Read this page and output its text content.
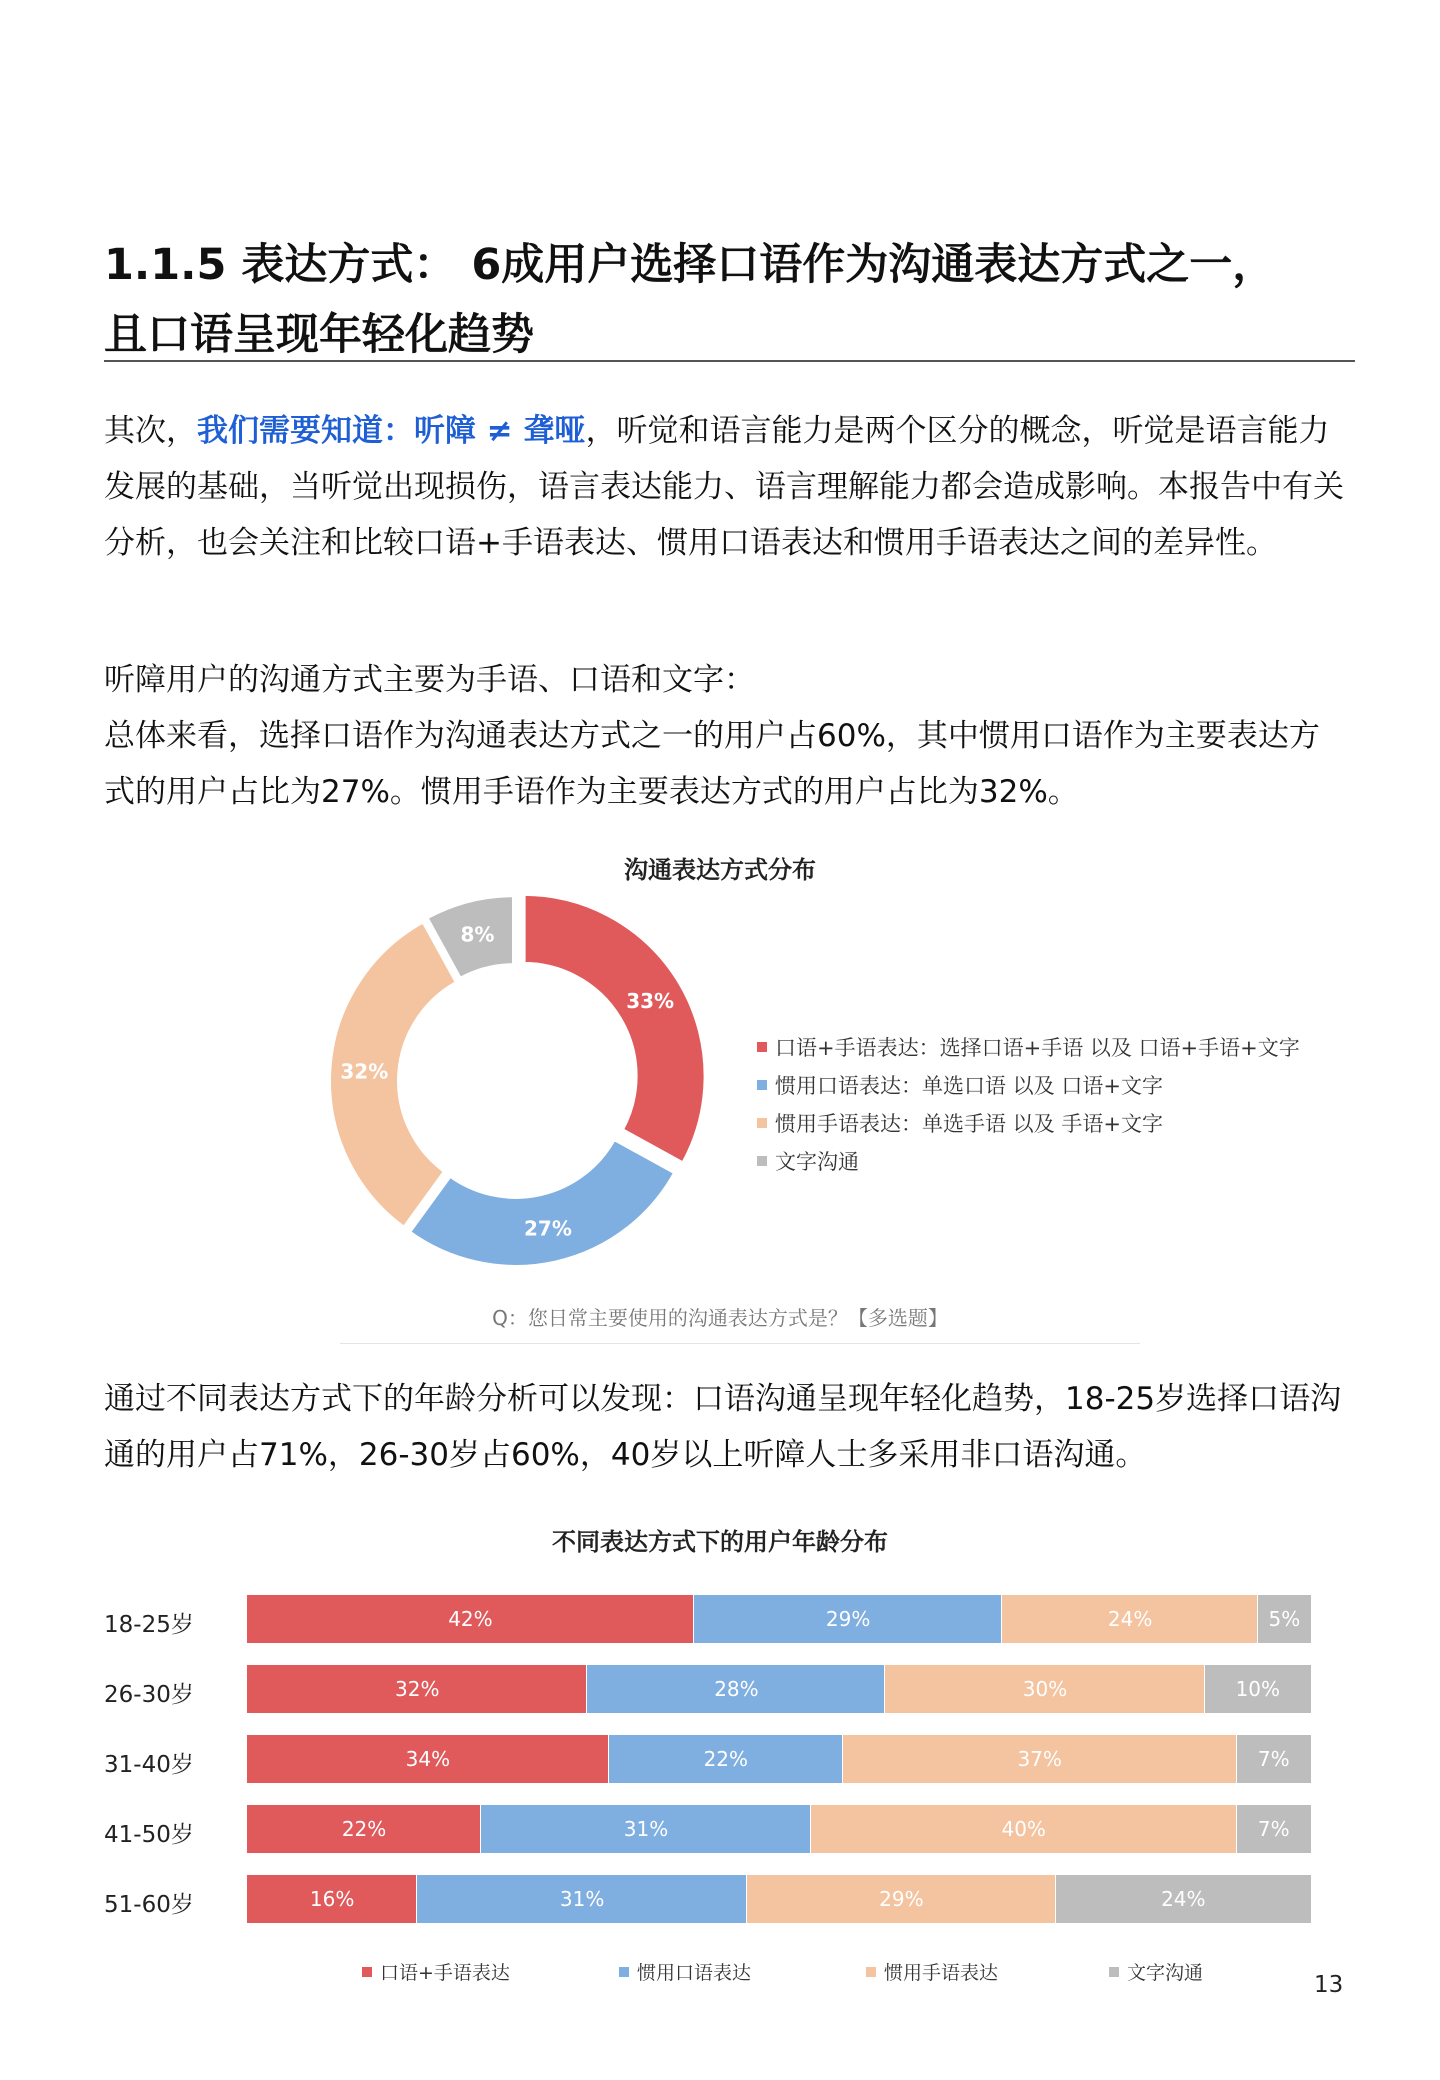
1.1.5 表达方式： 6成用户选择口语作为沟通表达方式之一，
且口语呈现年轻化趋势

其次，我们需要知道：听障 ≠ 聋哑，听觉和语言能力是两个区分的概念，听觉是语言能力发展的基础，当听觉出现损伤，语言表达能力、语言理解能力都会造成影响。本报告中有关分析，也会关注和比较口语+手语表达、惯用口语表达和惯用手语表达之间的差异性。

听障用户的沟通方式主要为手语、口语和文字：
总体来看，选择口语作为沟通表达方式之一的用户占60%，其中惯用口语作为主要表达方式的用户占比为27%。惯用手语作为主要表达方式的用户占比为32%。

沟通表达方式分布
33%
27%
32%
8%
口语+手语表达：选择口语+手语 以及 口语+手语+文字
惯用口语表达：单选口语 以及 口语+文字
惯用手语表达：单选手语 以及 手语+文字
文字沟通
Q：您日常主要使用的沟通表达方式是？【多选题】

通过不同表达方式下的年龄分析可以发现：口语沟通呈现年轻化趋势，18-25岁选择口语沟通的用户占71%，26-30岁占60%，40岁以上听障人士多采用非口语沟通。

不同表达方式下的用户年龄分布
18-25岁	42%	29%	24%	5%
26-30岁	32%	28%	30%	10%
31-40岁	34%	22%	37%	7%
41-50岁	22%	31%	40%	7%
51-60岁	16%	31%	29%	24%
口语+手语表达	惯用口语表达	惯用手语表达	文字沟通	13
